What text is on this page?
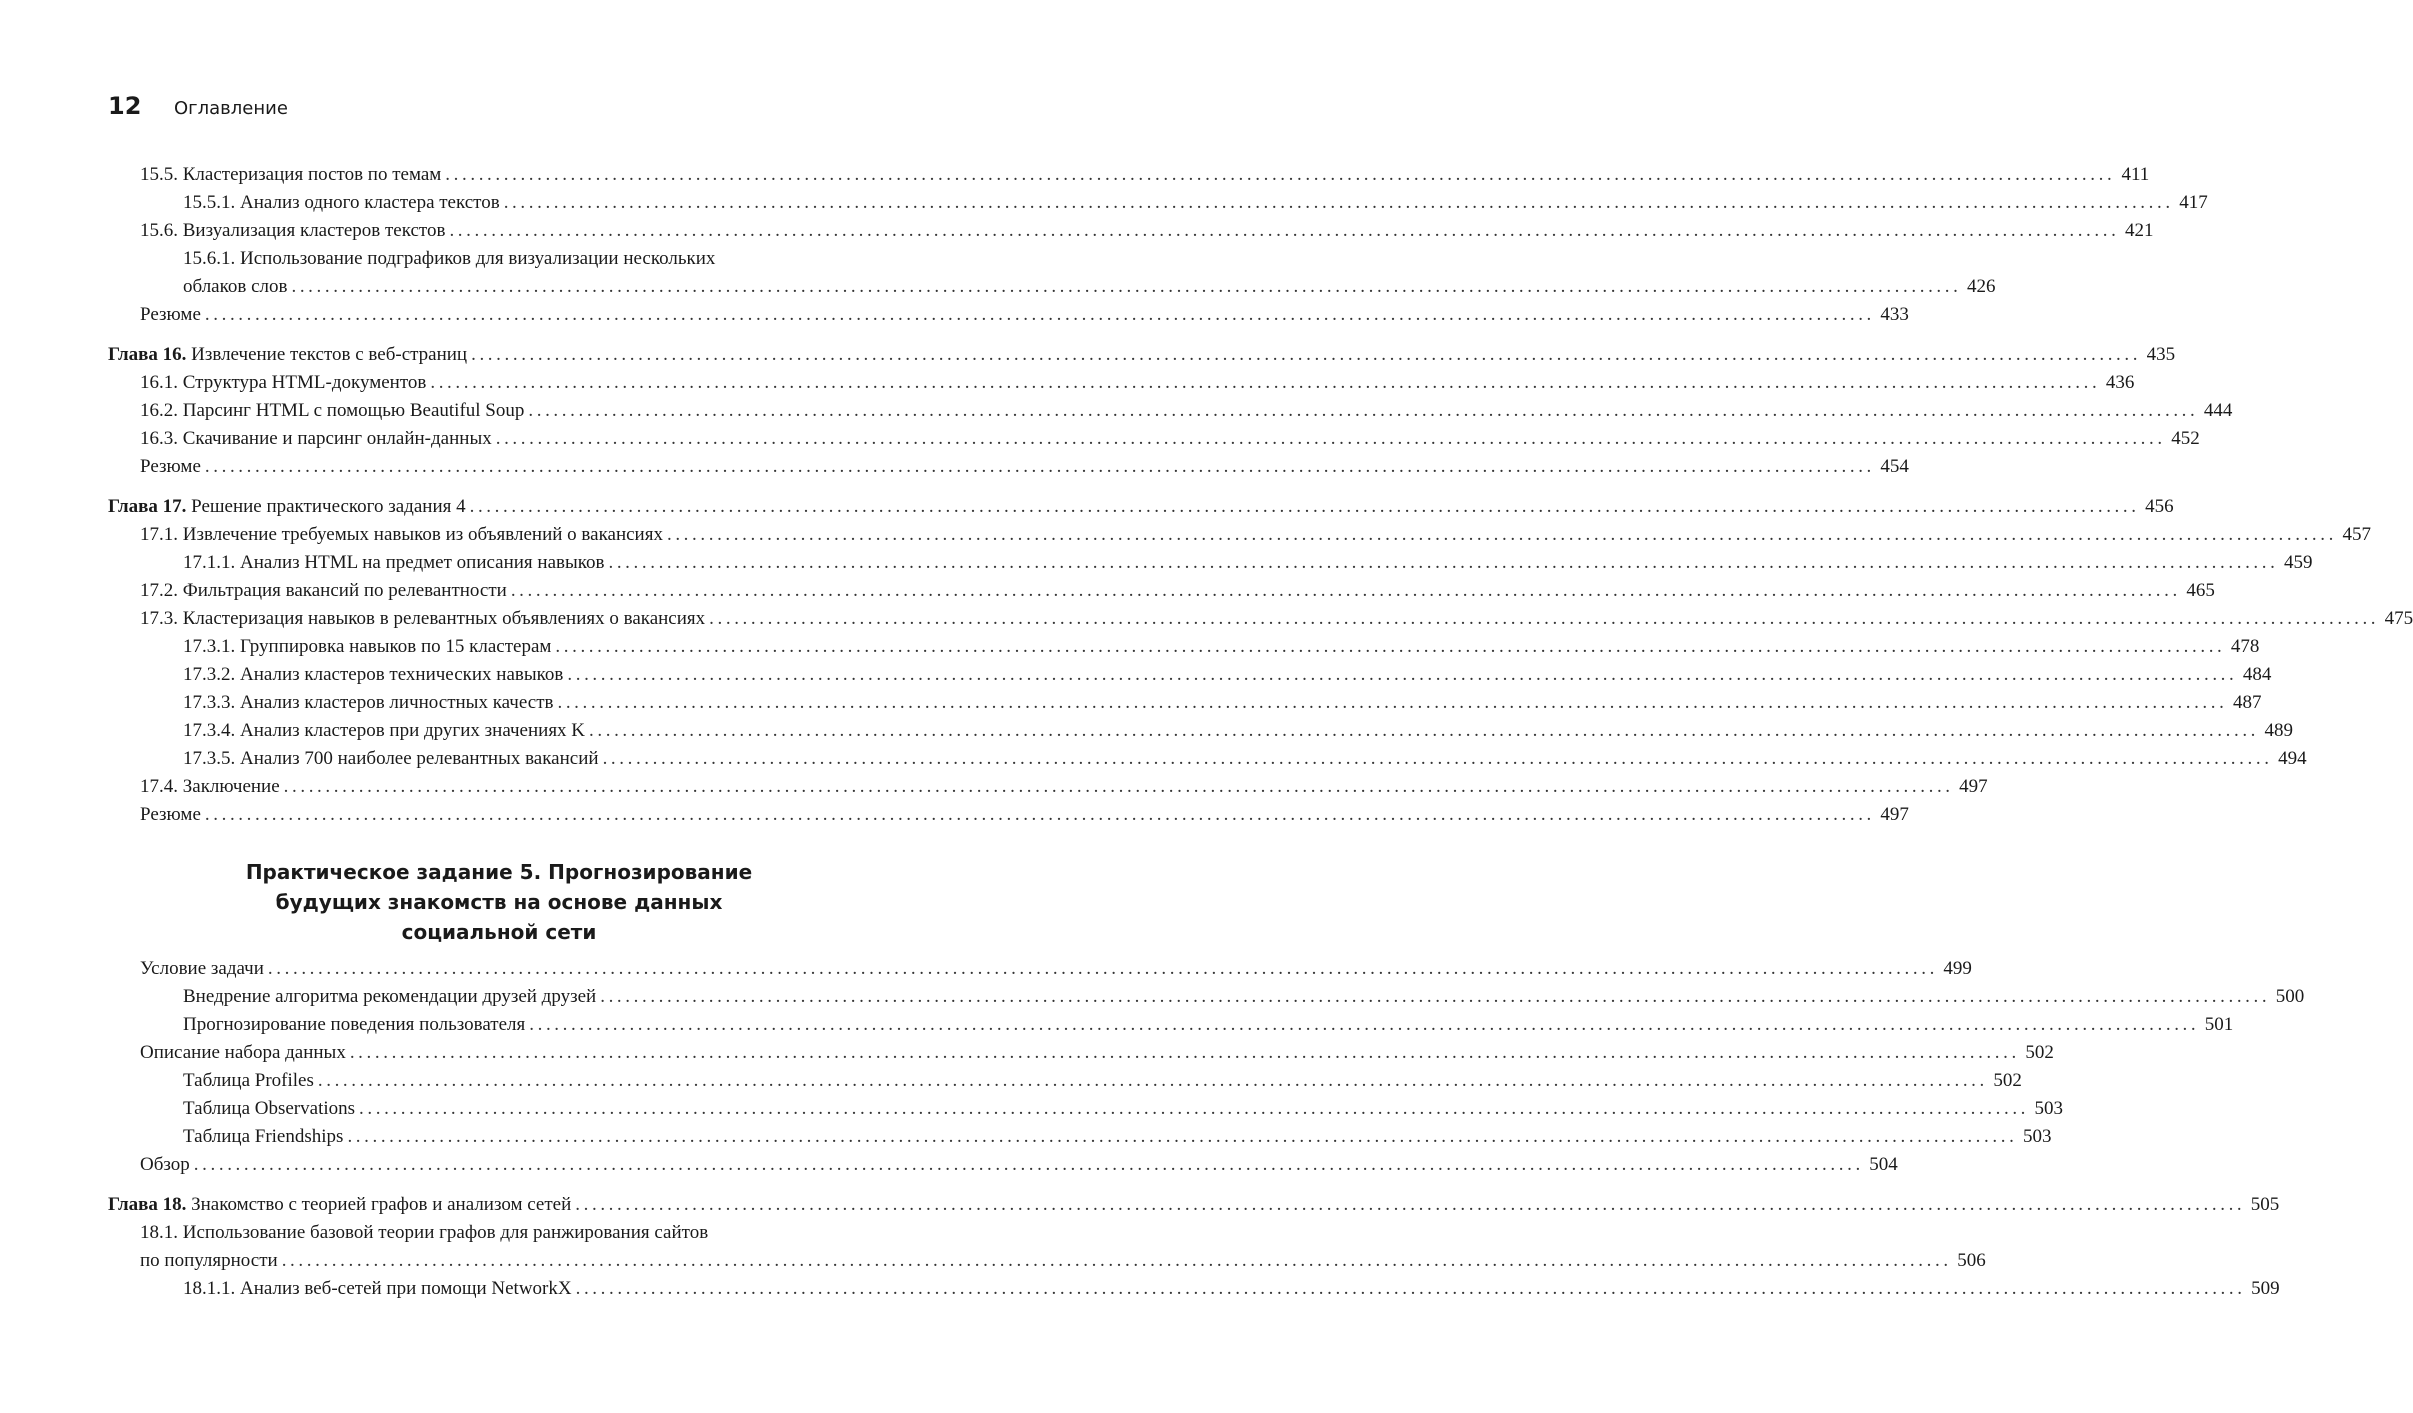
12	Оглавление
15.5. Кластеризация постов по темам ........................................................................................................................................................................................................ 411
15.5.1. Анализ одного кластера текстов ........................................................................................................................................................................................................ 417
15.6. Визуализация кластеров текстов ........................................................................................................................................................................................................ 421
15.6.1. Использование подграфиков для визуализации нескольких
облаков слов ........................................................................................................................................................................................................ 426
Резюме ........................................................................................................................................................................................................ 433
Глава 16. Извлечение текстов с веб-страниц ........................................................................................................................................................................................................ 435
16.1. Структура HTML-документов ........................................................................................................................................................................................................ 436
16.2. Парсинг HTML с помощью Beautiful Soup ........................................................................................................................................................................................................ 444
16.3. Скачивание и парсинг онлайн-данных ........................................................................................................................................................................................................ 452
Резюме ........................................................................................................................................................................................................ 454
Глава 17. Решение практического задания 4 ........................................................................................................................................................................................................ 456
17.1. Извлечение требуемых навыков из объявлений о вакансиях ........................................................................................................................................................................................................ 457
17.1.1. Анализ HTML на предмет описания навыков ........................................................................................................................................................................................................ 459
17.2. Фильтрация вакансий по релевантности ........................................................................................................................................................................................................ 465
17.3. Кластеризация навыков в релевантных объявлениях о вакансиях ........................................................................................................................................................................................................ 475
17.3.1. Группировка навыков по 15 кластерам ........................................................................................................................................................................................................ 478
17.3.2. Анализ кластеров технических навыков ........................................................................................................................................................................................................ 484
17.3.3. Анализ кластеров личностных качеств ........................................................................................................................................................................................................ 487
17.3.4. Анализ кластеров при других значениях K ........................................................................................................................................................................................................ 489
17.3.5. Анализ 700 наиболее релевантных вакансий ........................................................................................................................................................................................................ 494
17.4. Заключение ........................................................................................................................................................................................................ 497
Резюме ........................................................................................................................................................................................................ 497
Практическое задание 5. Прогнозирование
будущих знакомств на основе данных
социальной сети
Условие задачи ........................................................................................................................................................................................................ 499
Внедрение алгоритма рекомендации друзей друзей ........................................................................................................................................................................................................ 500
Прогнозирование поведения пользователя ........................................................................................................................................................................................................ 501
Описание набора данных ........................................................................................................................................................................................................ 502
Таблица Profiles ........................................................................................................................................................................................................ 502
Таблица Observations ........................................................................................................................................................................................................ 503
Таблица Friendships ........................................................................................................................................................................................................ 503
Обзор ........................................................................................................................................................................................................ 504
Глава 18. Знакомство с теорией графов и анализом сетей ........................................................................................................................................................................................................ 505
18.1. Использование базовой теории графов для ранжирования сайтов
по популярности ........................................................................................................................................................................................................ 506
18.1.1. Анализ веб-сетей при помощи NetworkX ........................................................................................................................................................................................................ 509
